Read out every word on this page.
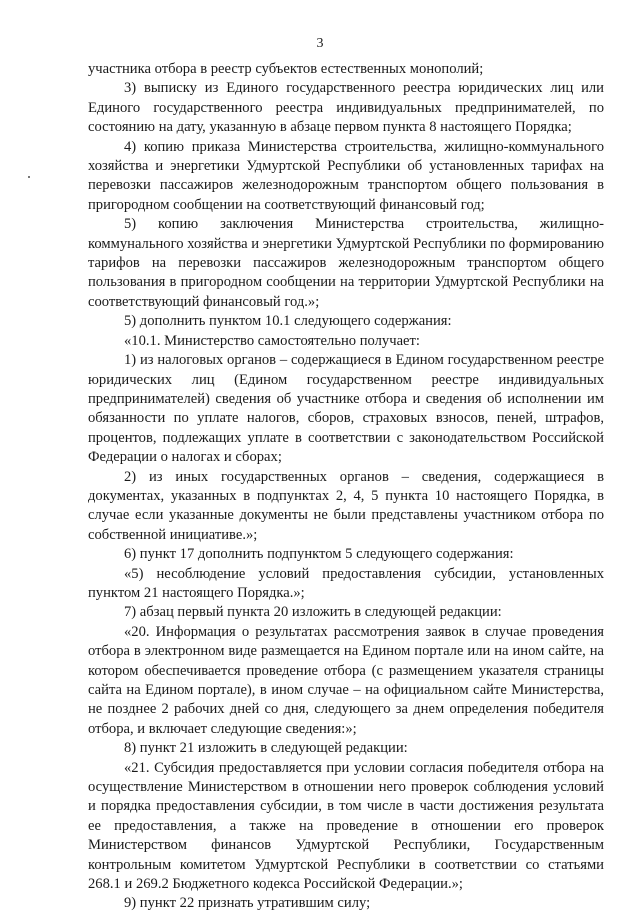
3

участника отбора в реестр субъектов естественных монополий;

3) выписку из Единого государственного реестра юридических лиц или Единого государственного реестра индивидуальных предпринимателей, по состоянию на дату, указанную в абзаце первом пункта 8 настоящего Порядка;

4) копию приказа Министерства строительства, жилищно-коммунального хозяйства и энергетики Удмуртской Республики об установленных тарифах на перевозки пассажиров железнодорожным транспортом общего пользования в пригородном сообщении на соответствующий финансовый год;

5) копию заключения Министерства строительства, жилищно-коммунального хозяйства и энергетики Удмуртской Республики по формированию тарифов на перевозки пассажиров железнодорожным транспортом общего пользования в пригородном сообщении на территории Удмуртской Республики на соответствующий финансовый год.»;

5) дополнить пунктом 10.1 следующего содержания:

«10.1. Министерство самостоятельно получает:

1) из налоговых органов – содержащиеся в Едином государственном реестре юридических лиц (Едином государственном реестре индивидуальных предпринимателей) сведения об участнике отбора и сведения об исполнении им обязанности по уплате налогов, сборов, страховых взносов, пеней, штрафов, процентов, подлежащих уплате в соответствии с законодательством Российской Федерации о налогах и сборах;

2) из иных государственных органов – сведения, содержащиеся в документах, указанных в подпунктах 2, 4, 5 пункта 10 настоящего Порядка, в случае если указанные документы не были представлены участником отбора по собственной инициативе.»;

6) пункт 17 дополнить подпунктом 5 следующего содержания:

«5) несоблюдение условий предоставления субсидии, установленных пунктом 21 настоящего Порядка.»;

7) абзац первый пункта 20 изложить в следующей редакции:

«20. Информация о результатах рассмотрения заявок в случае проведения отбора в электронном виде размещается на Едином портале или на ином сайте, на котором обеспечивается проведение отбора (с размещением указателя страницы сайта на Едином портале), в ином случае – на официальном сайте Министерства, не позднее 2 рабочих дней со дня, следующего за днем определения победителя отбора, и включает следующие сведения:»;

8) пункт 21 изложить в следующей редакции:

«21. Субсидия предоставляется при условии согласия победителя отбора на осуществление Министерством в отношении него проверок соблюдения условий и порядка предоставления субсидии, в том числе в части достижения результата ее предоставления, а также на проведение в отношении его проверок Министерством финансов Удмуртской Республики, Государственным контрольным комитетом Удмуртской Республики в соответствии со статьями 268.1 и 269.2 Бюджетного кодекса Российской Федерации.»;

9) пункт 22 признать утратившим силу;
